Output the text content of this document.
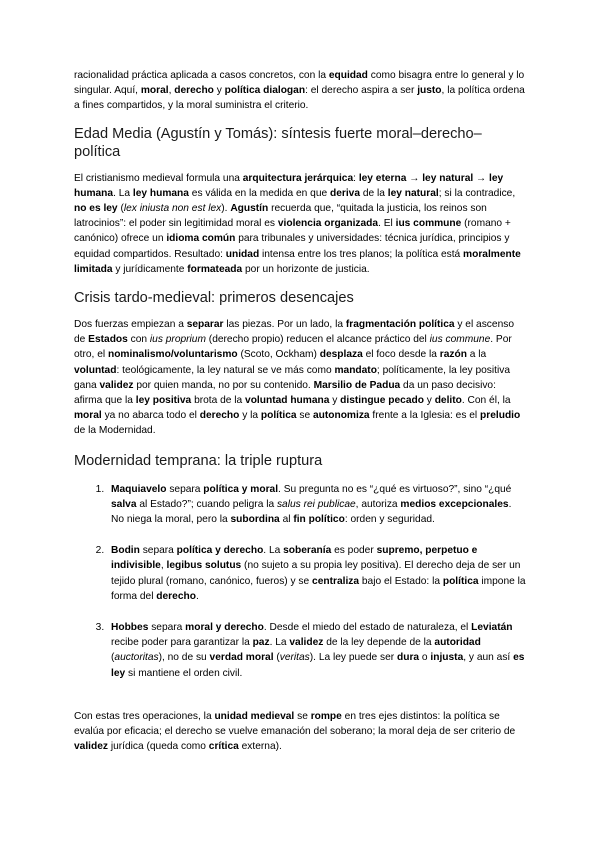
racionalidad práctica aplicada a casos concretos, con la equidad como bisagra entre lo general y lo singular. Aquí, moral, derecho y política dialogan: el derecho aspira a ser justo, la política ordena a fines compartidos, y la moral suministra el criterio.

Edad Media (Agustín y Tomás): síntesis fuerte moral–derecho–política

El cristianismo medieval formula una arquitectura jerárquica: ley eterna → ley natural → ley humana. La ley humana es válida en la medida en que deriva de la ley natural; si la contradice, no es ley (lex iniusta non est lex). Agustín recuerda que, “quitada la justicia, los reinos son latrocinios”: el poder sin legitimidad moral es violencia organizada. El ius commune (romano + canónico) ofrece un idioma común para tribunales y universidades: técnica jurídica, principios y equidad compartidos. Resultado: unidad intensa entre los tres planos; la política está moralmente limitada y jurídicamente formateada por un horizonte de justicia.

Crisis tardo-medieval: primeros desencajes

Dos fuerzas empiezan a separar las piezas. Por un lado, la fragmentación política y el ascenso de Estados con ius proprium (derecho propio) reducen el alcance práctico del ius commune. Por otro, el nominalismo/voluntarismo (Scoto, Ockham) desplaza el foco desde la razón a la voluntad: teológicamente, la ley natural se ve más como mandato; políticamente, la ley positiva gana validez por quien manda, no por su contenido. Marsilio de Padua da un paso decisivo: afirma que la ley positiva brota de la voluntad humana y distingue pecado y delito. Con él, la moral ya no abarca todo el derecho y la política se autonomiza frente a la Iglesia: es el preludio de la Modernidad.

Modernidad temprana: la triple ruptura
1. Maquiavelo separa política y moral. Su pregunta no es “¿qué es virtuoso?”, sino “¿qué salva al Estado?”; cuando peligra la salus rei publicae, autoriza medios excepcionales. No niega la moral, pero la subordina al fin político: orden y seguridad.
2. Bodin separa política y derecho. La soberanía es poder supremo, perpetuo e indivisible, legibus solutus (no sujeto a su propia ley positiva). El derecho deja de ser un tejido plural (romano, canónico, fueros) y se centraliza bajo el Estado: la política impone la forma del derecho.
3. Hobbes separa moral y derecho. Desde el miedo del estado de naturaleza, el Leviatán recibe poder para garantizar la paz. La validez de la ley depende de la autoridad (auctoritas), no de su verdad moral (veritas). La ley puede ser dura o injusta, y aun así es ley si mantiene el orden civil.

Con estas tres operaciones, la unidad medieval se rompe en tres ejes distintos: la política se evalúa por eficacia; el derecho se vuelve emanación del soberano; la moral deja de ser criterio de validez jurídica (queda como crítica externa).
